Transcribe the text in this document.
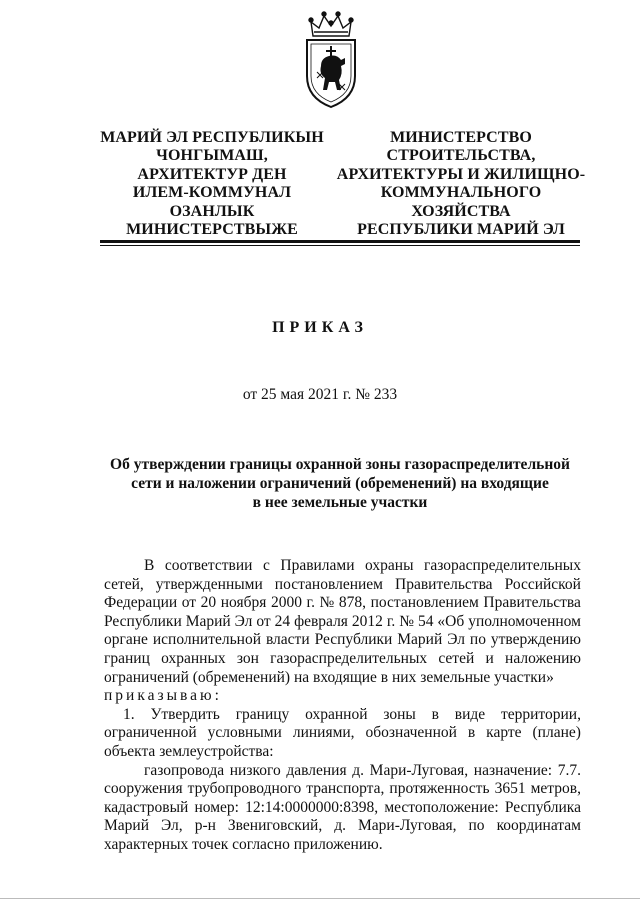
МАРИЙ ЭЛ РЕСПУБЛИКЫН
ЧОНГЫМАШ,
АРХИТЕКТУР ДЕН
ИЛЕМ-КОММУНАЛ
ОЗАНЛЫК
МИНИСТЕРСТВЫЖЕ
МИНИСТЕРСТВО
СТРОИТЕЛЬСТВА,
АРХИТЕКТУРЫ И ЖИЛИЩНО-
КОММУНАЛЬНОГО
ХОЗЯЙСТВА
РЕСПУБЛИКИ МАРИЙ ЭЛ
ПРИКАЗ
от 25 мая 2021 г. № 233
Об утверждении границы охранной зоны газораспределительной
сети и наложении ограничений (обременений) на входящие
в нее земельные участки
В соответствии с Правилами охраны газораспределительных
сетей, утвержденными постановлением Правительства Российской
Федерации от 20 ноября 2000 г. № 878, постановлением Правительства
Республики Марий Эл от 24 февраля 2012 г. № 54 «Об уполномоченном
органе исполнительной власти Республики Марий Эл по утверждению
границ охранных зон газораспределительных сетей и наложению
ограничений (обременений) на входящие в них земельные участки»
приказываю:
1. Утвердить границу охранной зоны в виде территории,
ограниченной условными линиями, обозначенной в карте (плане)
объекта землеустройства:
газопровода низкого давления д. Мари-Луговая, назначение: 7.7.
сооружения трубопроводного транспорта, протяженность 3651 метров,
кадастровый номер: 12:14:0000000:8398, местоположение: Республика
Марий Эл, р-н Звениговский, д. Мари-Луговая, по координатам
характерных точек согласно приложению.
